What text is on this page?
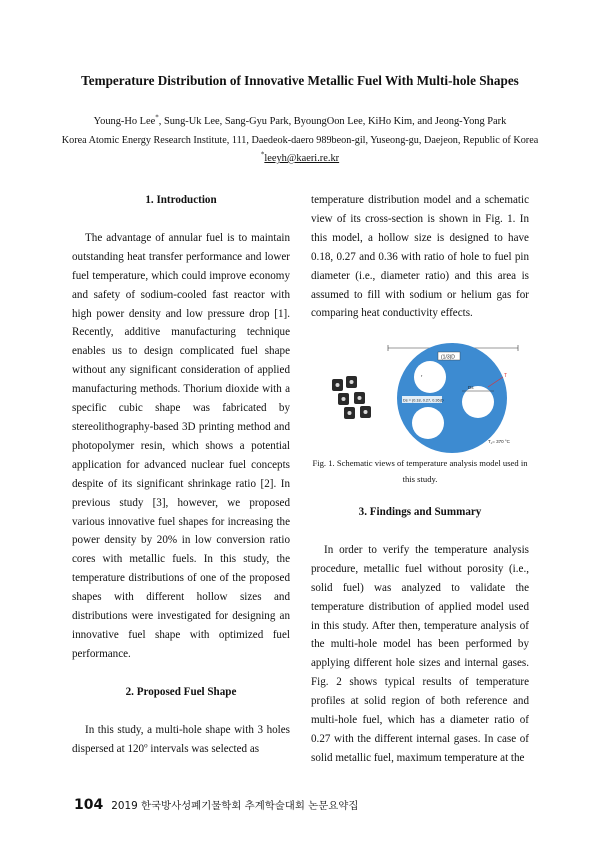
Temperature Distribution of Innovative Metallic Fuel With Multi-hole Shapes
Young-Ho Lee*, Sung-Uk Lee, Sang-Gyu Park, ByoungOon Lee, KiHo Kim, and Jeong-Yong Park
Korea Atomic Energy Research Institute, 111, Daedeok-daero 989beon-gil, Yuseong-gu, Daejeon, Republic of Korea
*leeyh@kaeri.re.kr

1. Introduction

The advantage of annular fuel is to maintain outstanding heat transfer performance and lower fuel temperature, which could improve economy and safety of sodium-cooled fast reactor with high power density and low pressure drop [1]. Recently, additive manufacturing technique enables us to design complicated fuel shape without any significant consideration of applied manufacturing methods. Thorium dioxide with a specific cubic shape was fabricated by stereolithography-based 3D printing method and photopolymer resin, which shows a potential application for advanced nuclear fuel concepts despite of its significant shrinkage ratio [2]. In previous study [3], however, we proposed various innovative fuel shapes for increasing the power density by 20% in low conversion ratio cores with metallic fuels. In this study, the temperature distributions of one of the proposed shapes with different hollow sizes and distributions were investigated for designing an innovative fuel shape with optimized fuel performance.

2. Proposed Fuel Shape

In this study, a multi-hole shape with 3 holes dispersed at 120$^o$ intervals was selected as

temperature distribution model and a schematic view of its cross-section is shown in Fig. 1. In this model, a hollow size is designed to have 0.18, 0.27 and 0.36 with ratio of hole to fuel pin diameter (i.e., diameter ratio) and this area is assumed to fill with sodium or helium gas for comparing heat conductivity effects.

(1/3)D
r
Ds
T
Ds = (0.18, 0.27, 0.36)D
$T_c= 370$ °C
Fig. 1. Schematic views of temperature analysis model used in this study.

3. Findings and Summary

In order to verify the temperature analysis procedure, metallic fuel without porosity (i.e., solid fuel) was analyzed to validate the temperature distribution of applied model used in this study. After then, temperature analysis of the multi-hole model has been performed by applying different hole sizes and internal gases. Fig. 2 shows typical results of temperature profiles at solid region of both reference and multi-hole fuel, which has a diameter ratio of 0.27 with the different internal gases. In case of solid metallic fuel, maximum temperature at the

104 2019 한국방사성폐기물학회 추계학술대회 논문요약집
